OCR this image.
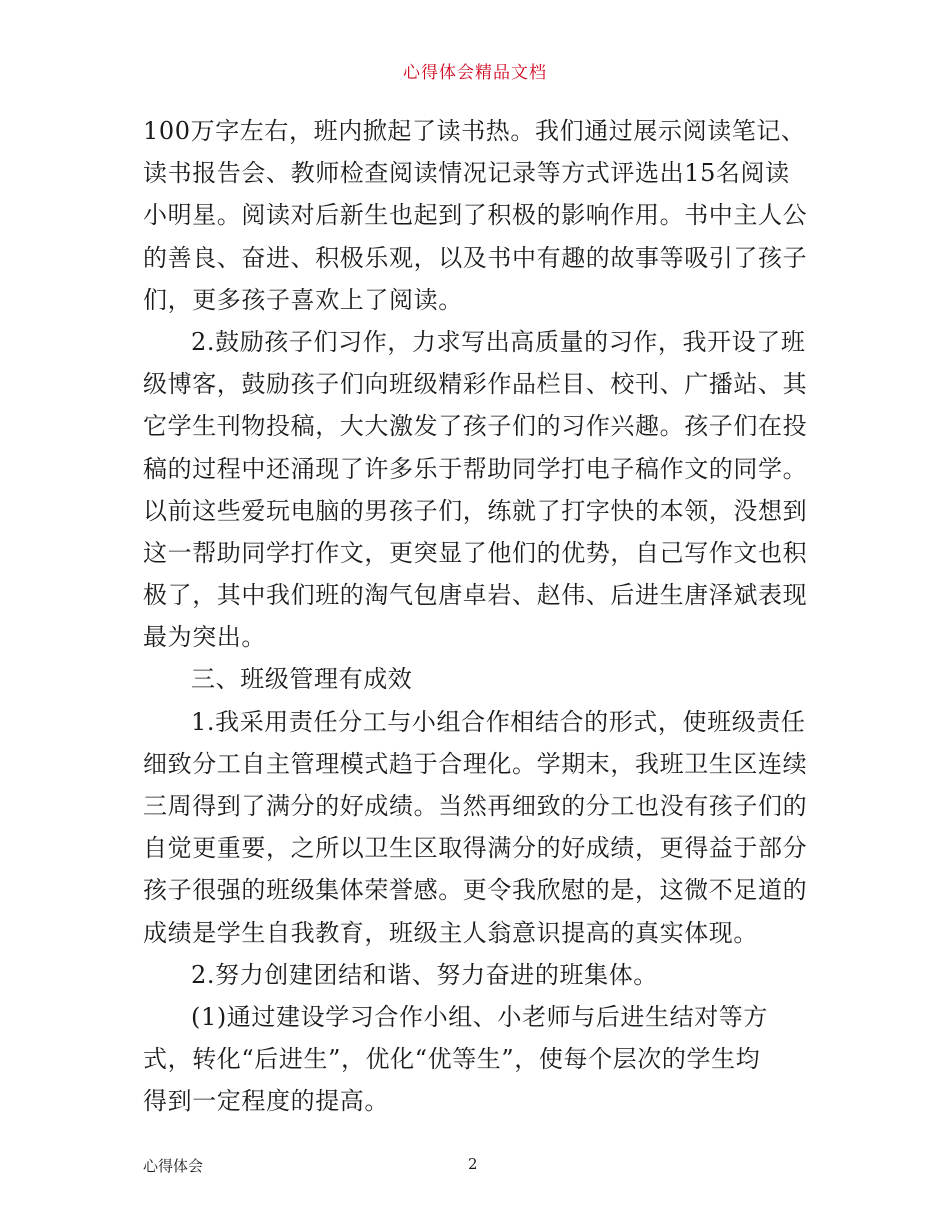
心得体会精品文档
100万字左右，班内掀起了读书热。我们通过展示阅读笔记、
读书报告会、教师检查阅读情况记录等方式评选出15名阅读
小明星。阅读对后新生也起到了积极的影响作用。书中主人公
的善良、奋进、积极乐观，以及书中有趣的故事等吸引了孩子
们，更多孩子喜欢上了阅读。
2.鼓励孩子们习作，力求写出高质量的习作，我开设了班
级博客，鼓励孩子们向班级精彩作品栏目、校刊、广播站、其
它学生刊物投稿，大大激发了孩子们的习作兴趣。孩子们在投
稿的过程中还涌现了许多乐于帮助同学打电子稿作文的同学。
以前这些爱玩电脑的男孩子们，练就了打字快的本领，没想到
这一帮助同学打作文，更突显了他们的优势，自己写作文也积
极了，其中我们班的淘气包唐卓岩、赵伟、后进生唐泽斌表现
最为突出。
三、班级管理有成效
1.我采用责任分工与小组合作相结合的形式，使班级责任
细致分工自主管理模式趋于合理化。学期末，我班卫生区连续
三周得到了满分的好成绩。当然再细致的分工也没有孩子们的
自觉更重要，之所以卫生区取得满分的好成绩，更得益于部分
孩子很强的班级集体荣誉感。更令我欣慰的是，这微不足道的
成绩是学生自我教育，班级主人翁意识提高的真实体现。
2.努力创建团结和谐、努力奋进的班集体。
(1)通过建设学习合作小组、小老师与后进生结对等方
式，转化“后进生”，优化“优等生”，使每个层次的学生均
得到一定程度的提高。
心得体会	2
